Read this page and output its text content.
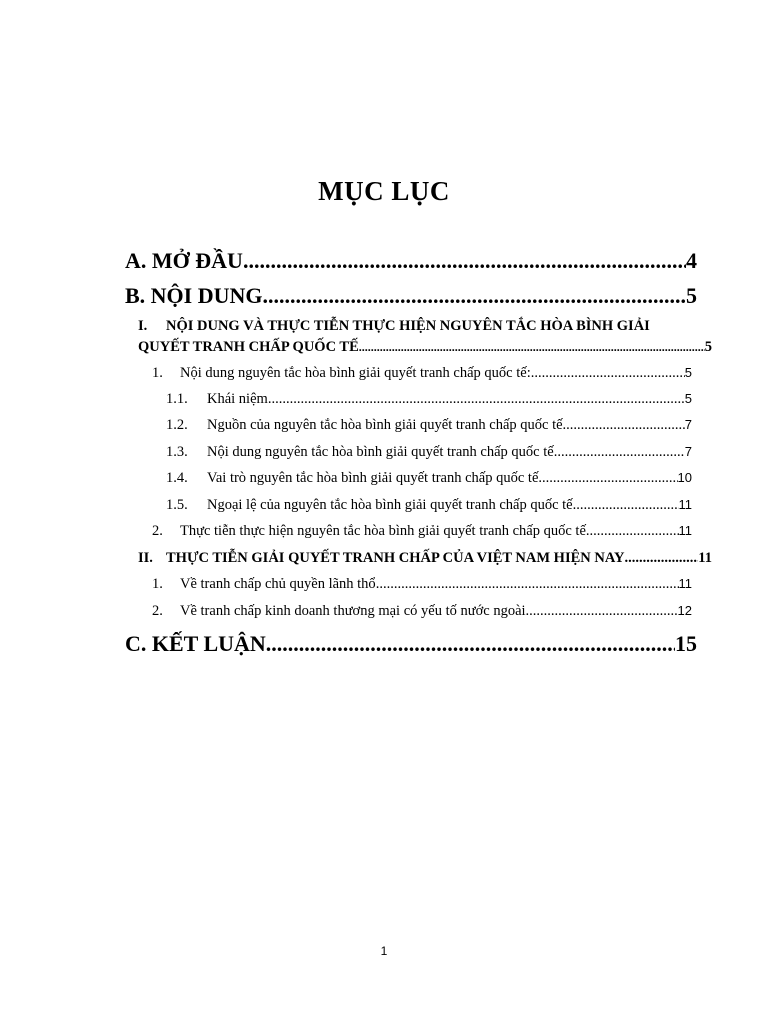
MỤC LỤC
A. MỞ ĐẦU .....	4
B. NỘI DUNG .....	5
I. NỘI DUNG VÀ THỰC TIỄN THỰC HIỆN NGUYÊN TẮC HÒA BÌNH GIẢI
QUYẾT TRANH CHẤP QUỐC TẾ .....	5
1.	Nội dung nguyên tắc hòa bình giải quyết tranh chấp quốc tế: .....	5
1.1.	Khái niệm .....	5
1.2.	Nguồn của nguyên tắc hòa bình giải quyết tranh chấp quốc tế .....	7
1.3.	Nội dung nguyên tắc hòa bình giải quyết tranh chấp quốc tế .....	7
1.4.	Vai trò nguyên tắc hòa bình giải quyết tranh chấp quốc tế .....	10
1.5.	Ngoại lệ của nguyên tắc hòa bình giải quyết tranh chấp quốc tế .....	11
2.	Thực tiễn thực hiện nguyên tắc hòa bình giải quyết tranh chấp quốc tế .....	11
II. THỰC TIỄN GIẢI QUYẾT TRANH CHẤP CỦA VIỆT NAM HIỆN NAY .....	11
1.	Về tranh chấp chủ quyền lãnh thổ .....	11
2.	Về tranh chấp kinh doanh thương mại có yếu tố nước ngoài .....	12
C. KẾT LUẬN .....	15
1
